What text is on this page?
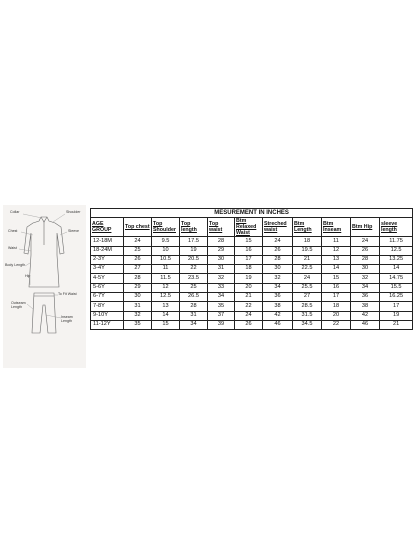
Collar	Shoulder
Chest	Sleeve
Waist
Body Length
Hip
To Fit Waist
Outseam Length
Inseam Length
MESUREMENT IN INCHES										
AGE GROUP	Top chest	Top Shoulder	Top length	Top waist	Btm Relaxed Waist	Streched waist	Btm Length	Btm Inseam	Btm Hip	sleeve length
12-18M	24	9.5	17.5	28	15	24	18	11	24	11.75
18-24M	25	10	19	29	16	26	19.5	12	26	12.5
2-3Y	26	10.5	20.5	30	17	28	21	13	28	13.25
3-4Y	27	11	22	31	18	30	22.5	14	30	14
4-5Y	28	11.5	23.5	32	19	32	24	15	32	14.75
5-6Y	29	12	25	33	20	34	25.5	16	34	15.5
6-7Y	30	12.5	26.5	34	21	36	27	17	36	16.25
7-8Y	31	13	28	35	22	38	28.5	18	38	17
9-10Y	32	14	31	37	24	42	31.5	20	42	19
11-12Y	35	15	34	39	26	46	34.5	22	46	21
